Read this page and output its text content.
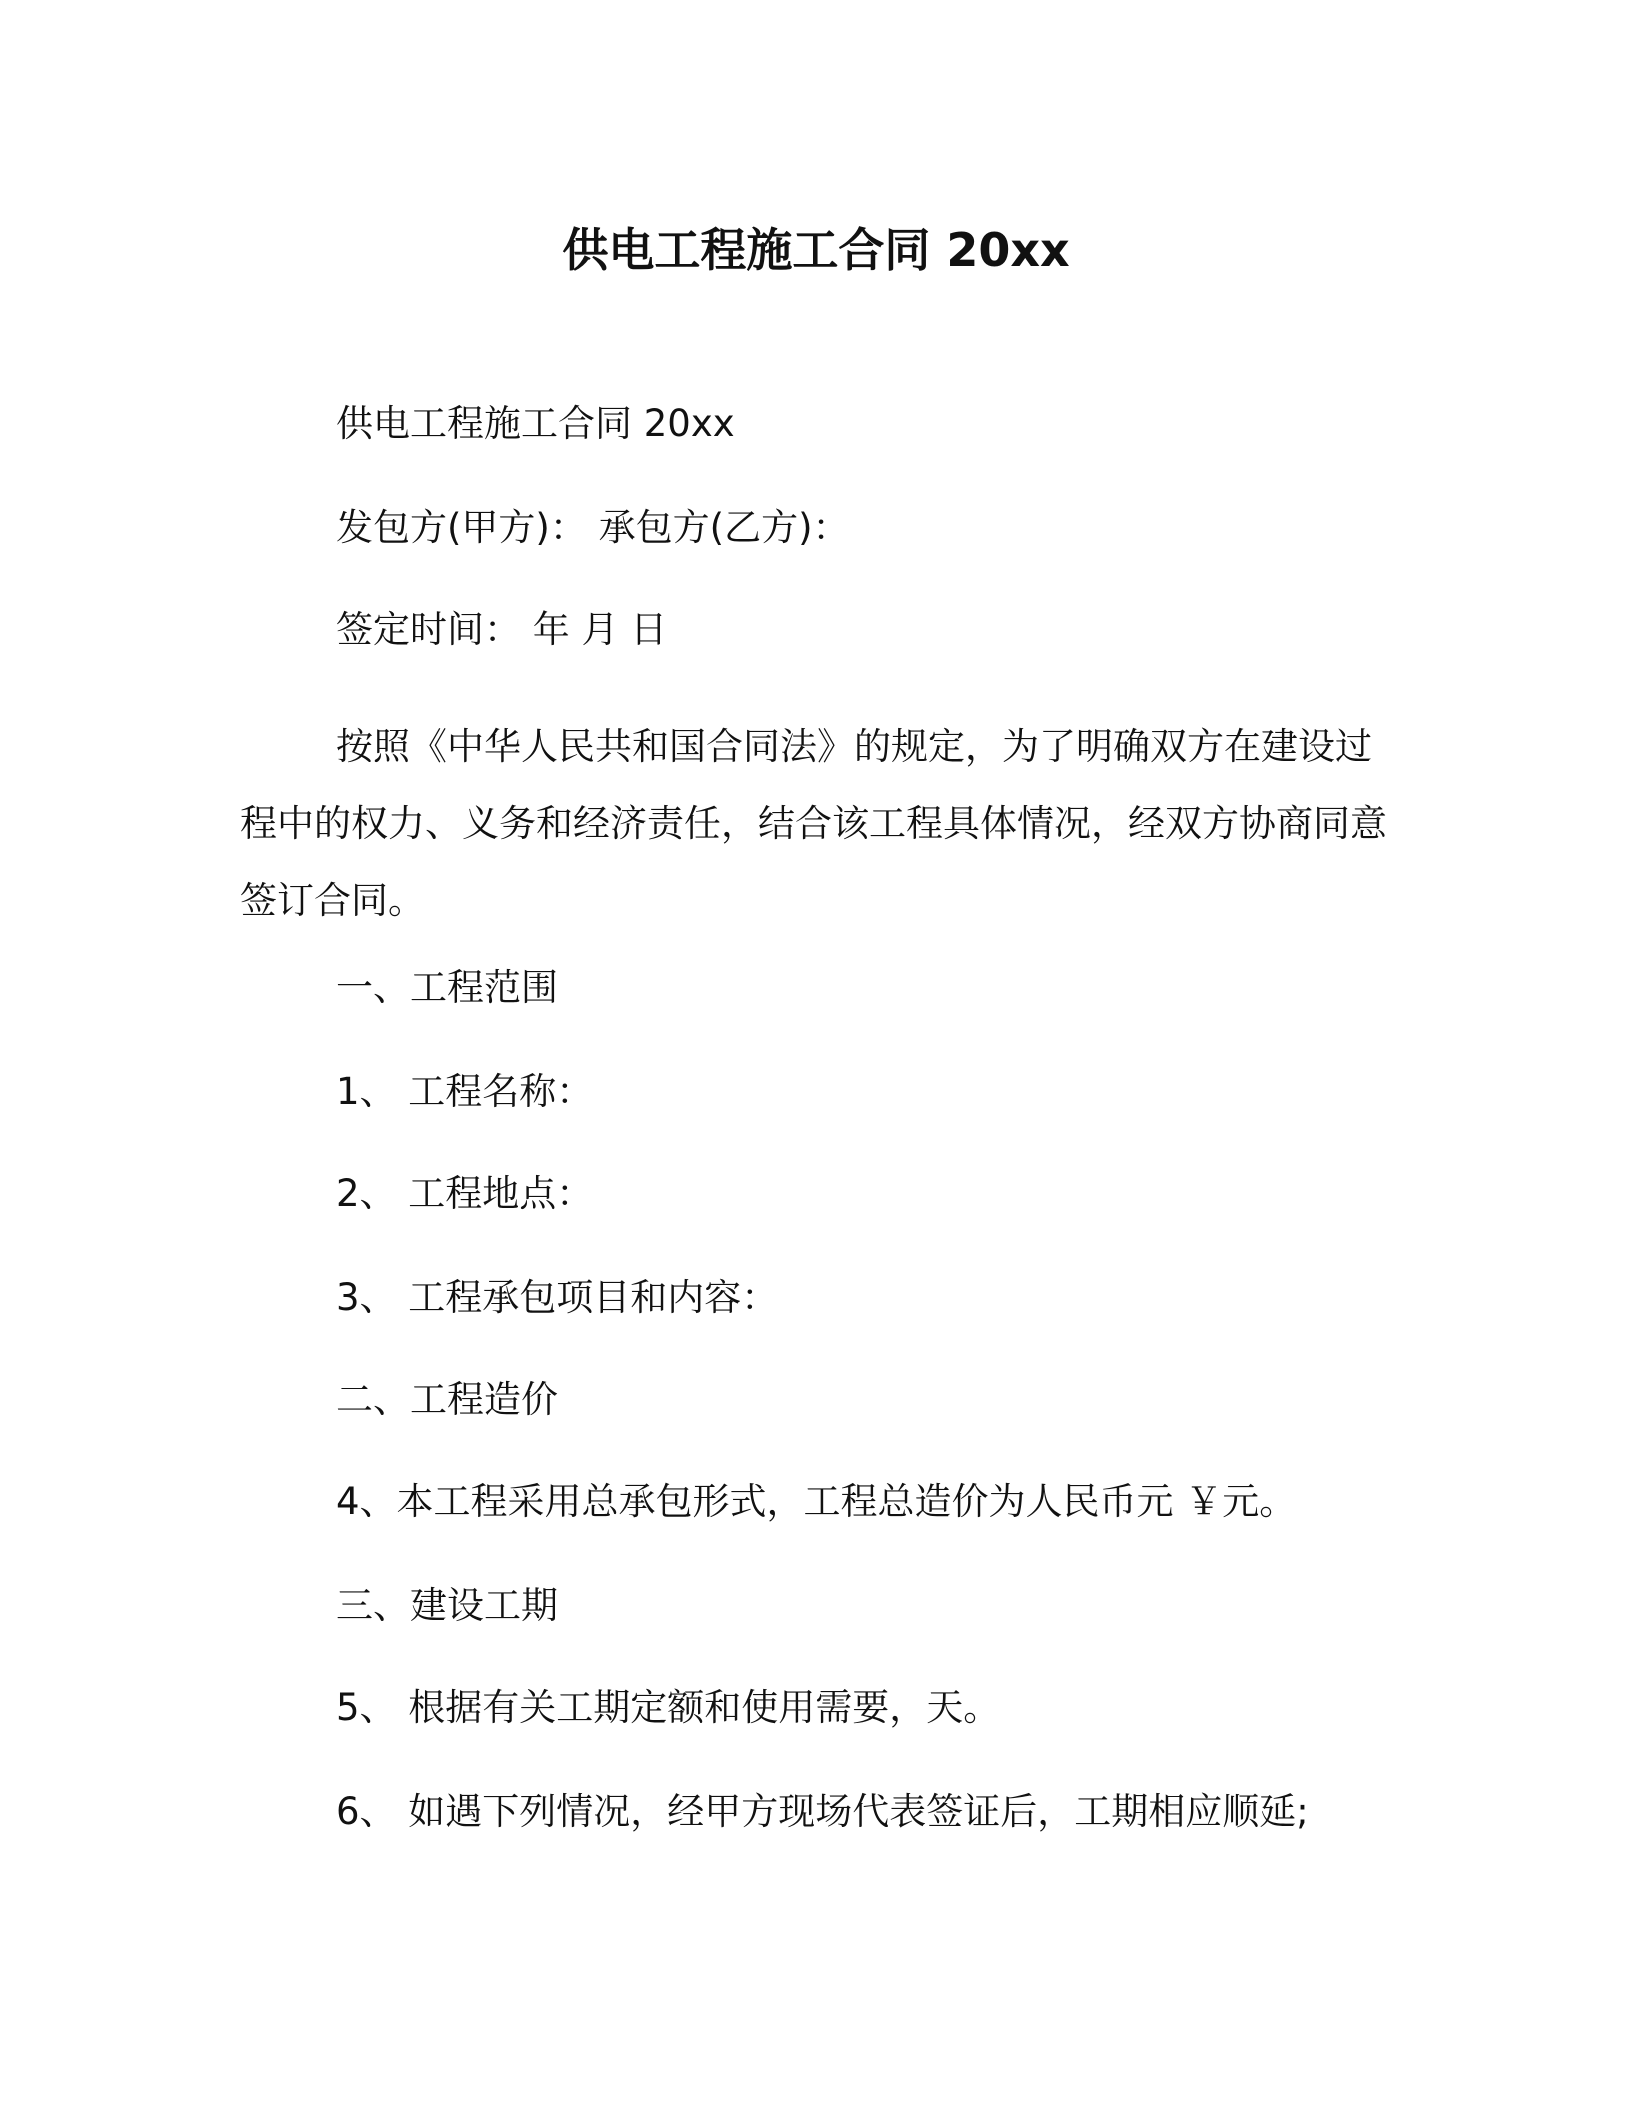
供电工程施工合同 20xx

供电工程施工合同 20xx

发包方(甲方)： 承包方(乙方)：

签定时间： 年 月 日

按照《中华人民共和国合同法》的规定，为了明确双方在建设过程中的权力、义务和经济责任，结合该工程具体情况，经双方协商同意签订合同。

一、工程范围

1、 工程名称：

2、 工程地点：

3、 工程承包项目和内容：

二、工程造价

4、本工程采用总承包形式，工程总造价为人民币元 ￥元。

三、建设工期

5、 根据有关工期定额和使用需要，天。

6、 如遇下列情况，经甲方现场代表签证后，工期相应顺延;
